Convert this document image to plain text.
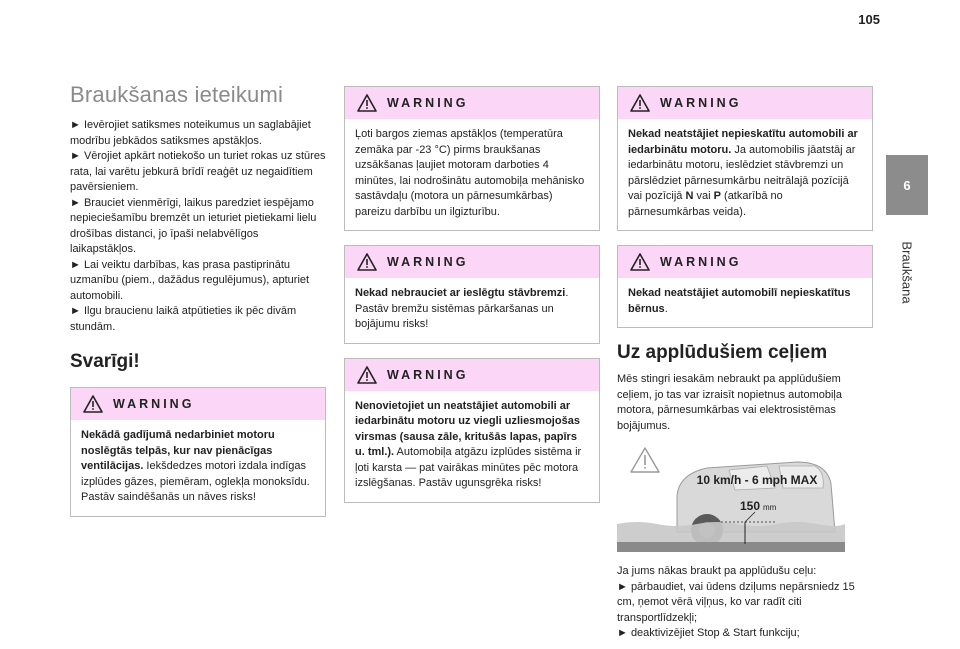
105
6
Braukšana
Braukšanas ieteikumi
► Ievērojiet satiksmes noteikumus un saglabājiet modrību jebkādos satiksmes apstākļos.
► Vērojiet apkārt notiekošo un turiet rokas uz stūres rata, lai varētu jebkurā brīdī reaģēt uz negaidītiem pavērsieniem.
► Brauciet vienmērīgi, laikus paredziet iespējamo nepieciešamību bremzēt un ieturiet pietiekami lielu drošības distanci, jo īpaši nelabvēlīgos laikapstākļos.
► Lai veiktu darbības, kas prasa pastiprinātu uzmanību (piem., dažādus regulējumus), apturiet automobili.
► Ilgu braucienu laikā atpūtieties ik pēc divām stundām.
Svarīgi!
WARNING
Nekādā gadījumā nedarbiniet motoru noslēgtās telpās, kur nav pienācīgas ventilācijas. Iekšdedzes motori izdala indīgas izplūdes gāzes, piemēram, oglekļa monoksīdu. Pastāv saindēšanās un nāves risks!
WARNING
Ļoti bargos ziemas apstākļos (temperatūra zemāka par -23 °C) pirms braukšanas uzsākšanas ļaujiet motoram darboties 4 minūtes, lai nodrošinātu automobiļa mehānisko sastāvdaļu (motora un pārnesumkārbas) pareizu darbību un ilgizturību.
WARNING
Nekad nebrauciet ar ieslēgtu stāvbremzi. Pastāv bremžu sistēmas pārkaršanas un bojājumu risks!
WARNING
Nenovietojiet un neatstājiet automobili ar iedarbinātu motoru uz viegli uzliesmojošas virsmas (sausa zāle, kritušās lapas, papīrs u. tml.). Automobiļa atgāzu izplūdes sistēma ir ļoti karsta — pat vairākas minūtes pēc motora izslēgšanas. Pastāv ugunsgrēka risks!
WARNING
Nekad neatstājiet nepieskatītu automobili ar iedarbinātu motoru. Ja automobilis jāatstāj ar iedarbinātu motoru, ieslēdziet stāvbremzi un pārslēdziet pārnesumkārbu neitrālajā pozīcijā vai pozīcijā N vai P (atkarībā no pārnesumkārbas veida).
WARNING
Nekad neatstājiet automobilī nepieskatītus bērnus.
Uz applūdušiem ceļiem
Mēs stingri iesakām nebraukt pa applūdušiem ceļiem, jo tas var izraisīt nopietnus automobiļa motora, pārnesumkārbas vai elektrosistēmas bojājumus.
10 km/h - 6 mph MAX
150 mm
Ja jums nākas braukt pa applūdušu ceļu:
► pārbaudiet, vai ūdens dziļums nepārsniedz 15 cm, ņemot vērā viļņus, ko var radīt citi transportlīdzekļi;
► deaktivizējiet Stop & Start funkciju;
